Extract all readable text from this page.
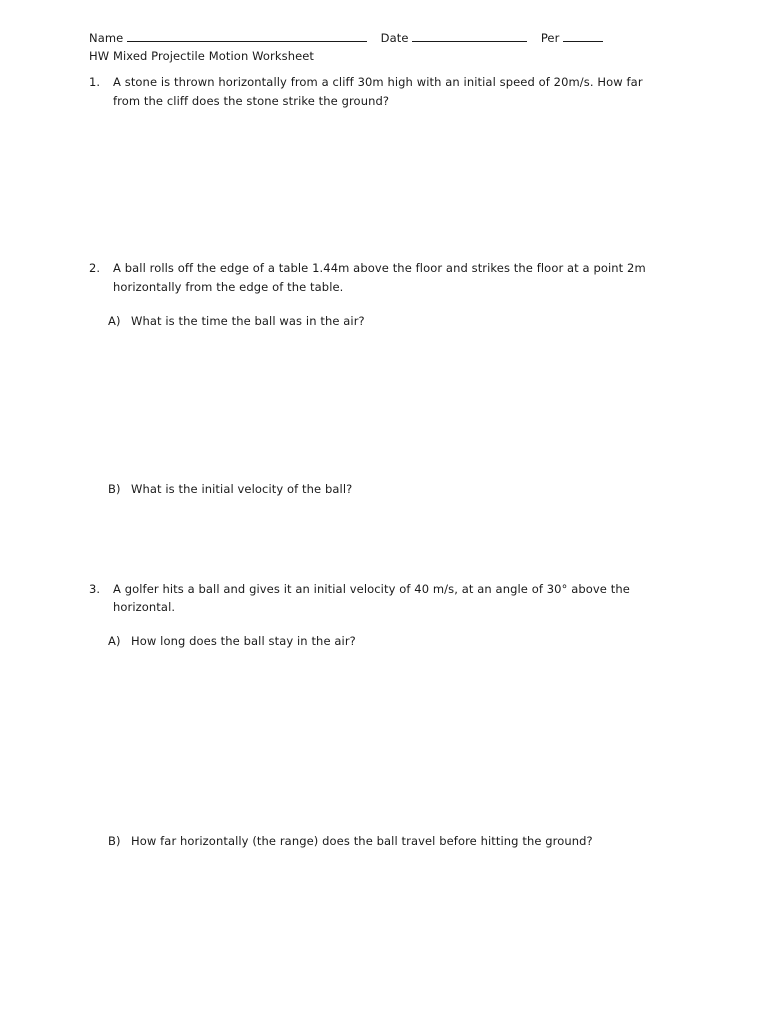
Name	Date	Per
HW Mixed Projectile Motion Worksheet
1. A stone is thrown horizontally from a cliff 30m high with an initial speed of 20m/s. How far
from the cliff does the stone strike the ground?
2. A ball rolls off the edge of a table 1.44m above the floor and strikes the floor at a point 2m
horizontally from the edge of the table.
A) What is the time the ball was in the air?
B) What is the initial velocity of the ball?
3. A golfer hits a ball and gives it an initial velocity of 40 m/s, at an angle of 30° above the
horizontal.
A) How long does the ball stay in the air?
B) How far horizontally (the range) does the ball travel before hitting the ground?
